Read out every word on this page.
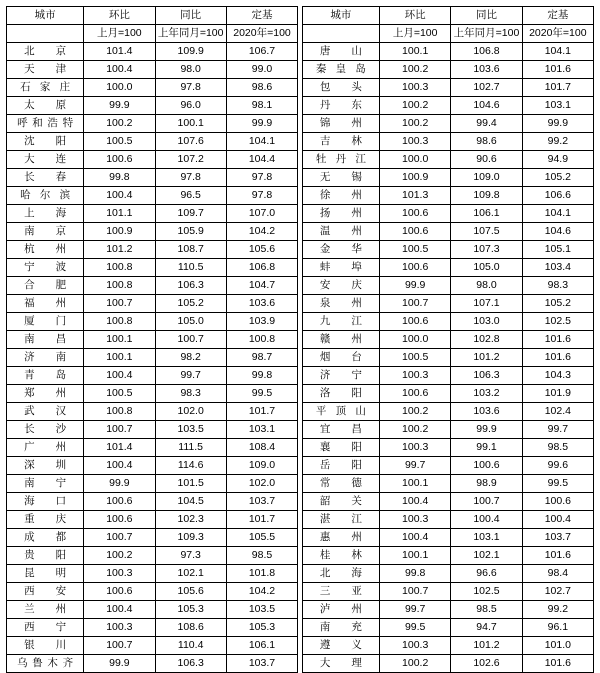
城市	环比	同比	定基		城市	环比	同比	定基
	上月=100	上年同月=100	2020年=100			上月=100	上年同月=100	2020年=100
北京	101.4	109.9	106.7		唐山	100.1	106.8	104.1
天津	100.4	98.0	99.0		秦皇岛	100.2	103.6	101.6
石家庄	100.0	97.8	98.6		包头	100.3	102.7	101.7
太原	99.9	96.0	98.1		丹东	100.2	104.6	103.1
呼和浩特	100.2	100.1	99.9		锦州	100.2	99.4	99.9
沈阳	100.5	107.6	104.1		吉林	100.3	98.6	99.2
大连	100.6	107.2	104.4		牡丹江	100.0	90.6	94.9
长春	99.8	97.8	97.8		无锡	100.9	109.0	105.2
哈尔滨	100.4	96.5	97.8		徐州	101.3	109.8	106.6
上海	101.1	109.7	107.0		扬州	100.6	106.1	104.1
南京	100.9	105.9	104.2		温州	100.6	107.5	104.6
杭州	101.2	108.7	105.6		金华	100.5	107.3	105.1
宁波	100.8	110.5	106.8		蚌埠	100.6	105.0	103.4
合肥	100.8	106.3	104.7		安庆	99.9	98.0	98.3
福州	100.7	105.2	103.6		泉州	100.7	107.1	105.2
厦门	100.8	105.0	103.9		九江	100.6	103.0	102.5
南昌	100.1	100.7	100.8		赣州	100.0	102.8	101.6
济南	100.1	98.2	98.7		烟台	100.5	101.2	101.6
青岛	100.4	99.7	99.8		济宁	100.3	106.3	104.3
郑州	100.5	98.3	99.5		洛阳	100.6	103.2	101.9
武汉	100.8	102.0	101.7		平顶山	100.2	103.6	102.4
长沙	100.7	103.5	103.1		宜昌	100.2	99.9	99.7
广州	101.4	111.5	108.4		襄阳	100.3	99.1	98.5
深圳	100.4	114.6	109.0		岳阳	99.7	100.6	99.6
南宁	99.9	101.5	102.0		常德	100.1	98.9	99.5
海口	100.6	104.5	103.7		韶关	100.4	100.7	100.6
重庆	100.6	102.3	101.7		湛江	100.3	100.4	100.4
成都	100.7	109.3	105.5		惠州	100.4	103.1	103.7
贵阳	100.2	97.3	98.5		桂林	100.1	102.1	101.6
昆明	100.3	102.1	101.8		北海	99.8	96.6	98.4
西安	100.6	105.6	104.2		三亚	100.7	102.5	102.7
兰州	100.4	105.3	103.5		泸州	99.7	98.5	99.2
西宁	100.3	108.6	105.3		南充	99.5	94.7	96.1
银川	100.7	110.4	106.1		遵义	100.3	101.2	101.0
乌鲁木齐	99.9	106.3	103.7		大理	100.2	102.6	101.6
